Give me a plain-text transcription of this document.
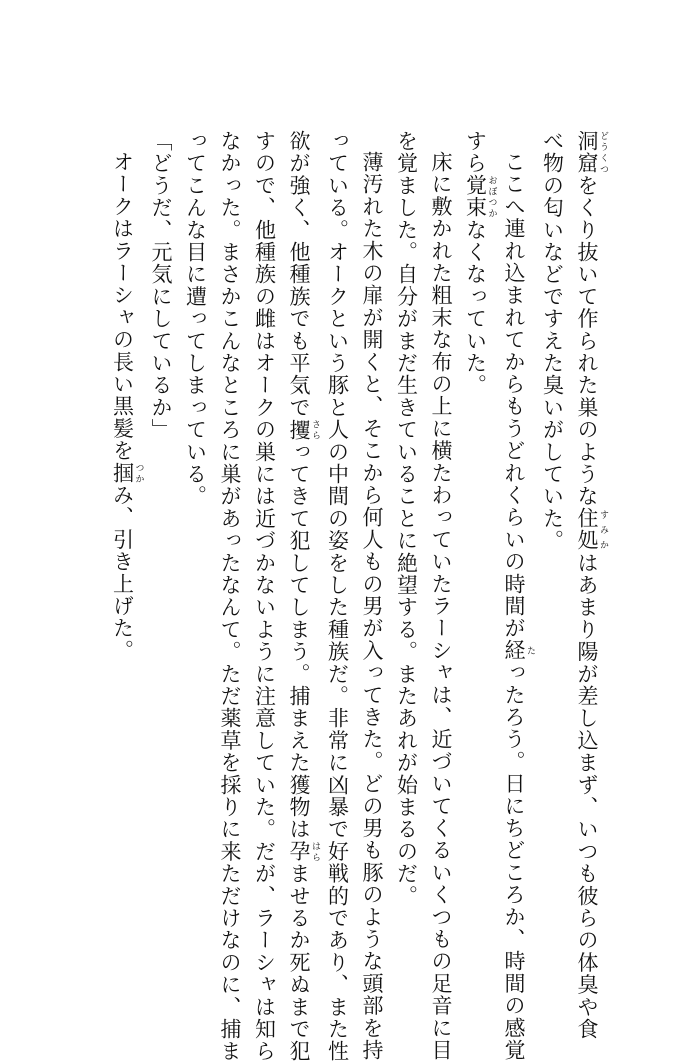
洞窟 どうくつをくり抜いて作られた巣のような住処 すみかはあまり陽が差し込まず、いつも彼らの体臭や食

べ物の匂いなどですえた臭いがしていた。

ここへ連れ込まれてからもうどれくらいの時間が経 たったろう。日にちどころか、時間の感覚

すら覚束 おぼつかなくなっていた。

床に敷かれた粗末な布の上に横たわっていたラーシャは、近づいてくるいくつもの足音に目

を覚ました。自分がまだ生きていることに絶望する。またあれが始まるのだ。

薄汚れた木の扉が開くと、そこから何人もの男が入ってきた。どの男も豚のような頭部を持

っている。オークという豚と人の中間の姿をした種族だ。非常に凶暴で好戦的であり、また性

欲が強く、他種族でも平気で攫 さらってきて犯してしまう。捕まえた獲物は孕 はらませるか死ぬまで犯

すので、他種族の雌はオークの巣には近づかないように注意していた。だが、ラーシャは知ら

なかった。まさかこんなところに巣があったなんて。ただ薬草を採りに来ただけなのに、捕ま

ってこんな目に遭ってしまっている。

「どうだ、元気にしているか」

オークはラーシャの長い黒髪を掴 つかみ、引き上げた。
